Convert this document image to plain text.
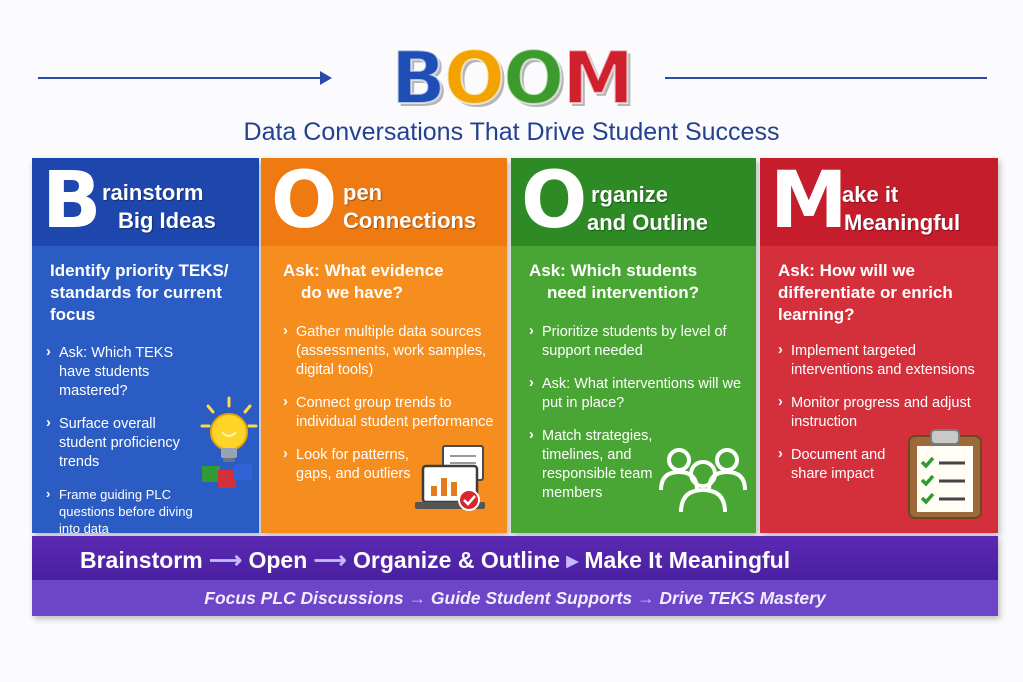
BOOM
Data Conversations That Drive Student Success
B rainstorm
Big Ideas
Identify priority TEKS/
standards for current
focus
› Ask: Which TEKS have students mastered?
› Surface overall student proficiency trends
› Frame guiding PLC questions before diving into data
O pen
Connections
Ask: What evidence
do we have?
› Gather multiple data sources (assessments, work samples, digital tools)
› Connect group trends to individual student performance
› Look for patterns, gaps, and outliers
O rganize
and Outline
Ask: Which students
need intervention?
› Prioritize students by level of support needed
› Ask: What interventions will we put in place?
› Match strategies, timelines, and responsible team members
M
ake it
Meaningful
Ask: How will we
differentiate or enrich
learning?
› Implement targeted interventions and extensions
› Monitor progress and adjust instruction
› Document and share impact
Brainstorm ⟶ Open ⟶ Organize & Outline ▸ Make It Meaningful
Focus PLC Discussions → Guide Student Supports → Drive TEKS Mastery
